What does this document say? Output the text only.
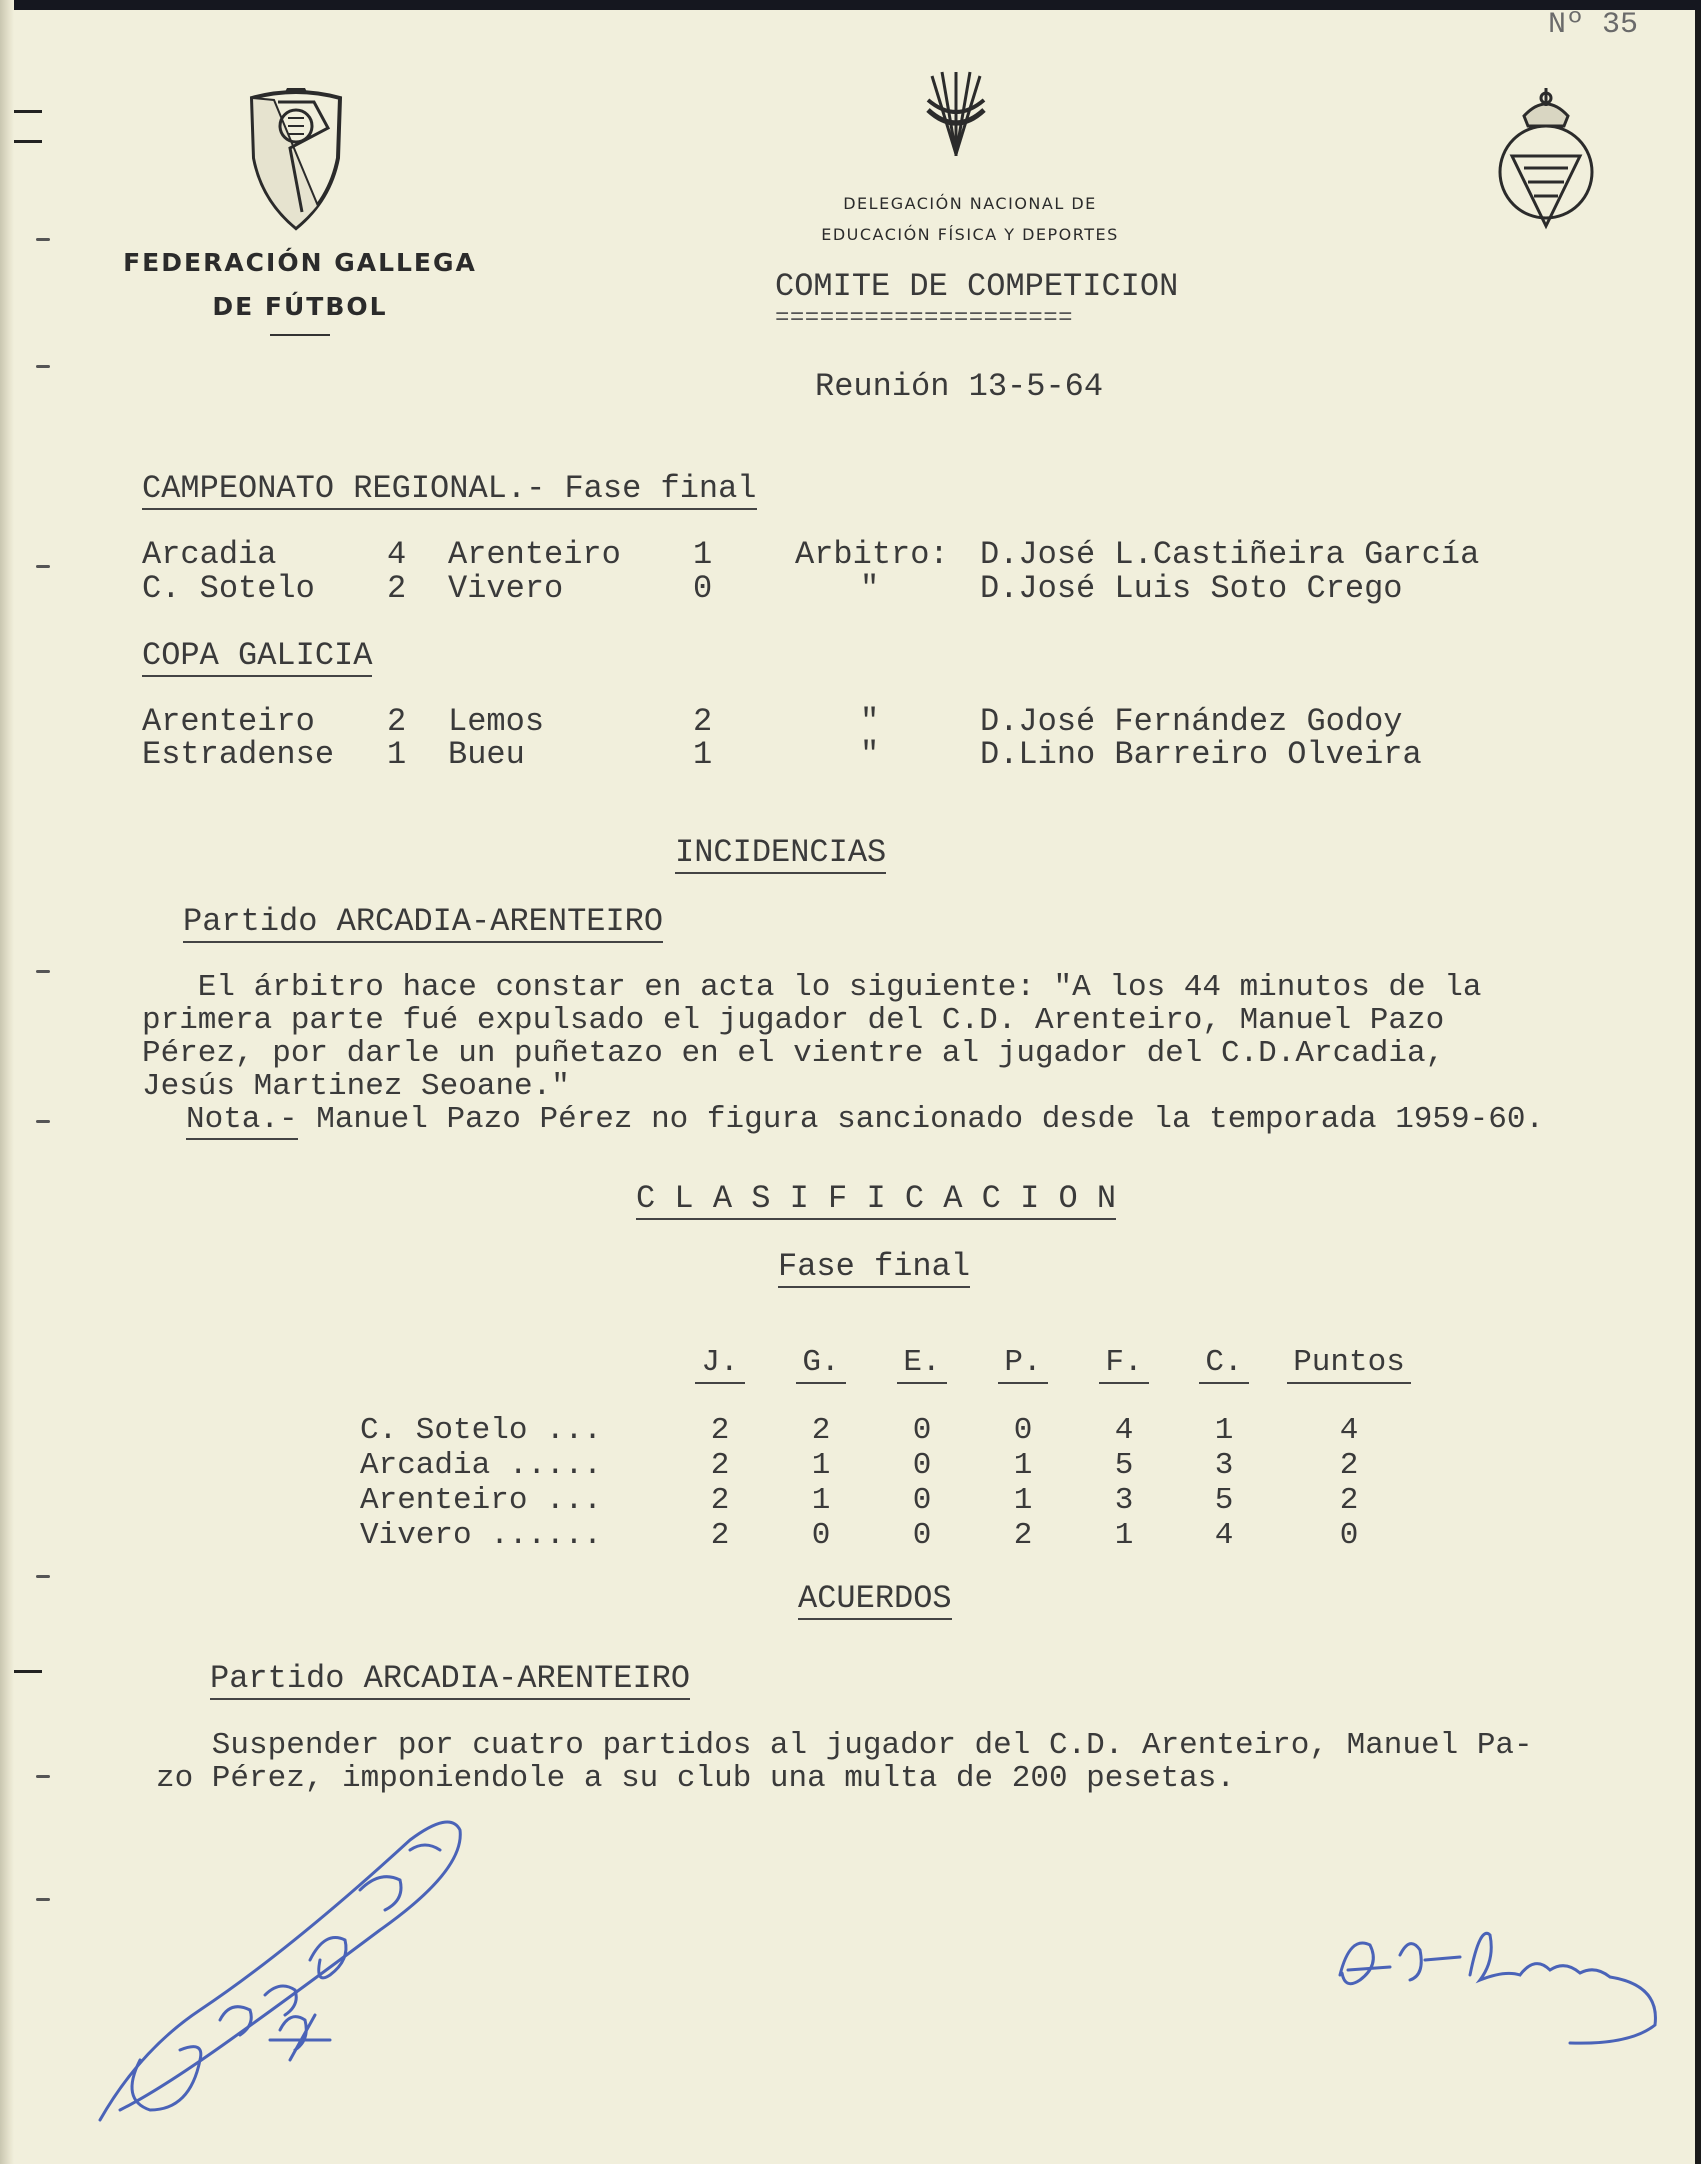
Nº 35
FEDERACIÓN GALLEGA
DE FÚTBOL
DELEGACIÓN NACIONAL DE
EDUCACIÓN FÍSICA Y DEPORTES
COMITE DE COMPETICION
====================
Reunión 13-5-64
CAMPEONATO REGIONAL.- Fase final
Arcadia	4 Arenteiro 1	Arbitro: D.José L.Castiñeira García
C. Sotelo 2 Vivero	0	"	D.José Luis Soto Crego
COPA GALICIA
Arenteiro 2 Lemos	2	"	D.José Fernández Godoy
Estradense 1 Bueu	1	"	D.Lino Barreiro Olveira
INCIDENCIAS
Partido ARCADIA-ARENTEIRO
El árbitro hace constar en acta lo siguiente: "A los 44 minutos de la
primera parte fué expulsado el jugador del C.D. Arenteiro, Manuel Pazo
Pérez, por darle un puñetazo en el vientre al jugador del C.D.Arcadia,
Jesús Martinez Seoane."
Nota.- Manuel Pazo Pérez no figura sancionado desde la temporada 1959-60.
C L A S I F I C A C I O N
Fase final
	J.	G.	E.	P.	F.	C.	Puntos

C. Sotelo ...	2	2	0	0	4	1	4
Arcadia .....	2	1	0	1	5	3	2
Arenteiro ...	2	1	0	1	3	5	2
Vivero ......	2	0	0	2	1	4	0
ACUERDOS
Partido ARCADIA-ARENTEIRO
Suspender por cuatro partidos al jugador del C.D. Arenteiro, Manuel Pa-
zo Pérez, imponiendole a su club una multa de 200 pesetas.
